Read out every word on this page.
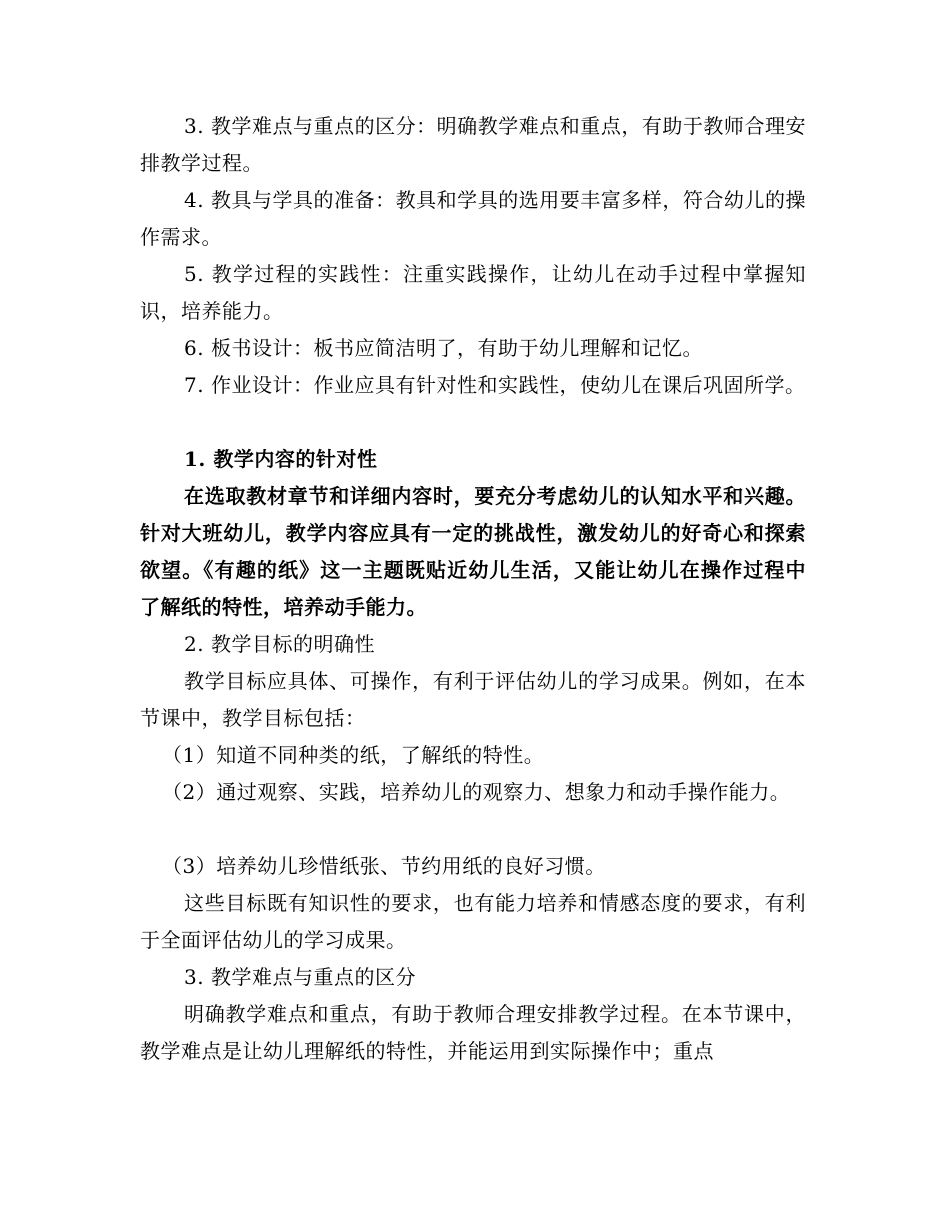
3. 教学难点与重点的区分：明确教学难点和重点，有助于教师合理安排教学过程。

4. 教具与学具的准备：教具和学具的选用要丰富多样，符合幼儿的操作需求。

5. 教学过程的实践性：注重实践操作，让幼儿在动手过程中掌握知识，培养能力。

6. 板书设计：板书应简洁明了，有助于幼儿理解和记忆。

7. 作业设计：作业应具有针对性和实践性，使幼儿在课后巩固所学。

1. 教学内容的针对性

在选取教材章节和详细内容时，要充分考虑幼儿的认知水平和兴趣。针对大班幼儿，教学内容应具有一定的挑战性，激发幼儿的好奇心和探索欲望。《有趣的纸》这一主题既贴近幼儿生活，又能让幼儿在操作过程中了解纸的特性，培养动手能力。

2. 教学目标的明确性

教学目标应具体、可操作，有利于评估幼儿的学习成果。例如，在本节课中，教学目标包括：

（1）知道不同种类的纸，了解纸的特性。

（2）通过观察、实践，培养幼儿的观察力、想象力和动手操作能力。

（3）培养幼儿珍惜纸张、节约用纸的良好习惯。

这些目标既有知识性的要求，也有能力培养和情感态度的要求，有利于全面评估幼儿的学习成果。

3. 教学难点与重点的区分

明确教学难点和重点，有助于教师合理安排教学过程。在本节课中，教学难点是让幼儿理解纸的特性，并能运用到实际操作中；重点
